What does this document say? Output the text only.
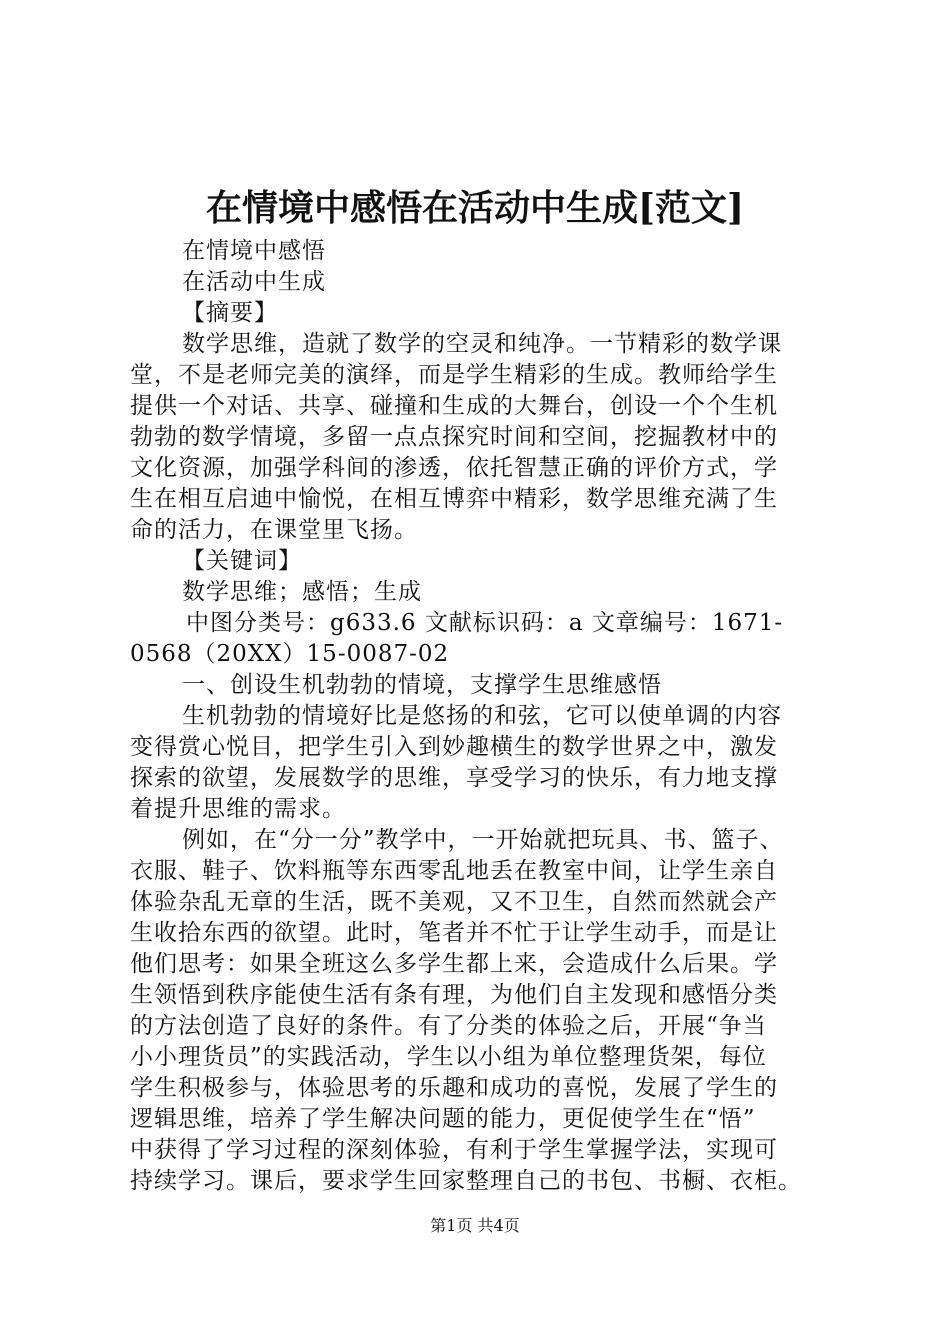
在情境中感悟在活动中生成[范文]
在情境中感悟
在活动中生成
【摘要】
数学思维，造就了数学的空灵和纯净。一节精彩的数学课
堂，不是老师完美的演绎，而是学生精彩的生成。教师给学生
提供一个对话、共享、碰撞和生成的大舞台，创设一个个生机
勃勃的数学情境，多留一点点探究时间和空间，挖掘教材中的
文化资源，加强学科间的渗透，依托智慧正确的评价方式，学
生在相互启迪中愉悦，在相互博弈中精彩，数学思维充满了生
命的活力，在课堂里飞扬。
【关键词】
数学思维；感悟；生成
中图分类号：g633.6 文献标识码：a 文章编号：1671-
0568（20XX）15-0087-02
一、创设生机勃勃的情境，支撑学生思维感悟
生机勃勃的情境好比是悠扬的和弦，它可以使单调的内容
变得赏心悦目，把学生引入到妙趣横生的数学世界之中，激发
探索的欲望，发展数学的思维，享受学习的快乐，有力地支撑
着提升思维的需求。
例如，在“分一分”教学中，一开始就把玩具、书、篮子、
衣服、鞋子、饮料瓶等东西零乱地丢在教室中间，让学生亲自
体验杂乱无章的生活，既不美观，又不卫生，自然而然就会产
生收拾东西的欲望。此时，笔者并不忙于让学生动手，而是让
他们思考：如果全班这么多学生都上来，会造成什么后果。学
生领悟到秩序能使生活有条有理，为他们自主发现和感悟分类
的方法创造了良好的条件。有了分类的体验之后，开展“争当
小小理货员”的实践活动，学生以小组为单位整理货架，每位
学生积极参与，体验思考的乐趣和成功的喜悦，发展了学生的
逻辑思维，培养了学生解决问题的能力，更促使学生在“悟”
中获得了学习过程的深刻体验，有利于学生掌握学法，实现可
持续学习。课后，要求学生回家整理自己的书包、书橱、衣柜。
第1页 共4页
